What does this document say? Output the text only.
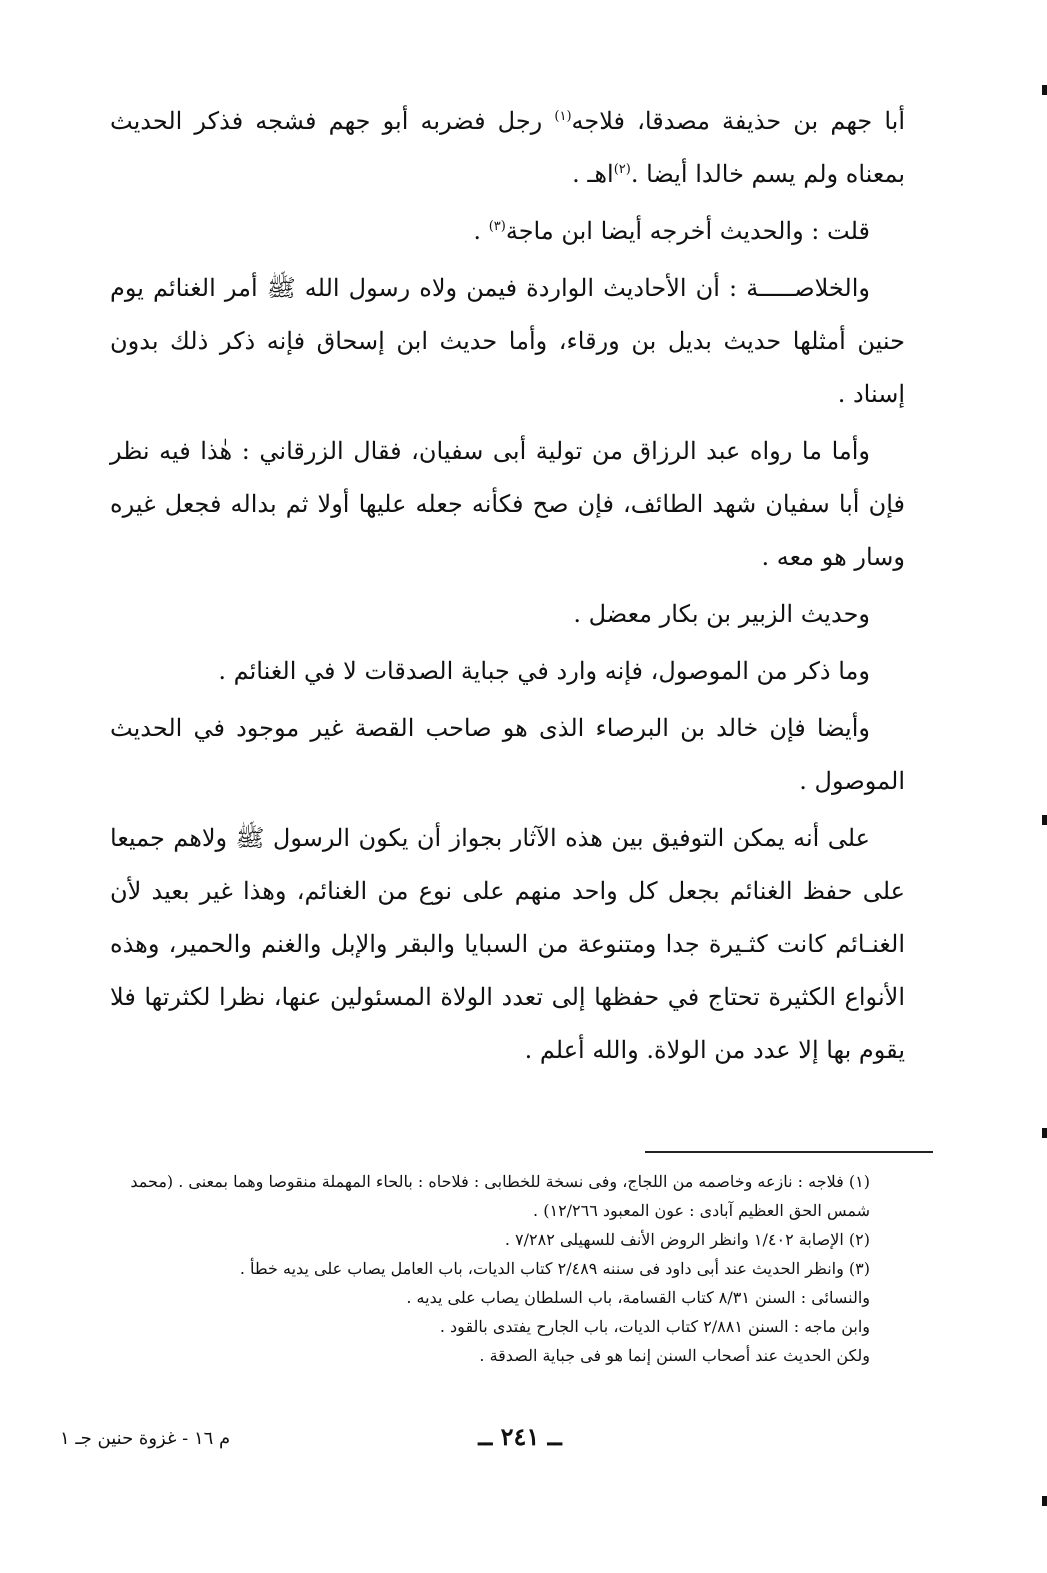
أبا جهم بن حذيفة مصدقا، فلاجه$^{(١)}$ رجل فضربه أبو جهم فشجه فذكر الحديث بمعناه ولم يسم خالدا أيضا .$^{(٢)}$اهـ .

قلت : والحديث أخرجه أيضا ابن ماجة$^{(٣)}$ .

والخلاصـــــة : أن الأحاديث الواردة فيمن ولاه رسول الله ﷺ أمر الغنائم يوم حنين أمثلها حديث بديل بن ورقاء، وأما حديث ابن إسحاق فإنه ذكر ذلك بدون إسناد .

وأما ما رواه عبد الرزاق من تولية أبى سفيان، فقال الزرقاني : هٰذا فيه نظر فإن أبا سفيان شهد الطائف، فإن صح فكأنه جعله عليها أولا ثم بداله فجعل غيره وسار هو معه .

وحديث الزبير بن بكار معضل .

وما ذكر من الموصول، فإنه وارد في جباية الصدقات لا في الغنائم .

وأيضا فإن خالد بن البرصاء الذى هو صاحب القصة غير موجود في الحديث الموصول .

على أنه يمكن التوفيق بين هذه الآثار بجواز أن يكون الرسول ﷺ ولاهم جميعا على حفظ الغنائم بجعل كل واحد منهم على نوع من الغنائم، وهذا غير بعيد لأن الغنـائم كانت كثـيرة جدا ومتنوعة من السبايا والبقر والإبل والغنم والحمير، وهذه الأنواع الكثيرة تحتاج في حفظها إلى تعدد الولاة المسئولين عنها، نظرا لكثرتها فلا يقوم بها إلا عدد من الولاة. والله أعلم .

(١) فلاجه : نازعه وخاصمه من اللجاج، وفى نسخة للخطابى : فلاحاه : بالحاء المهملة منقوصا وهما بمعنى . (محمد شمس الحق العظيم آبادى : عون المعبود ١٢/٢٦٦) .

(٢) الإصابة ١/٤٠٢ وانظر الروض الأنف للسهيلى ٧/٢٨٢ .

(٣) وانظر الحديث عند أبى داود فى سننه ٢/٤٨٩ كتاب الديات، باب العامل يصاب على يديه خطأ .

والنسائى : السنن ٨/٣١ كتاب القسامة، باب السلطان يصاب على يديه .

وابن ماجه : السنن ٢/٨٨١ كتاب الديات، باب الجارح يفتدى بالقود .

ولكن الحديث عند أصحاب السنن إنما هو فى جباية الصدقة .

ــ ٢٤١ ــ
م ١٦ - غزوة حنين جـ ١
